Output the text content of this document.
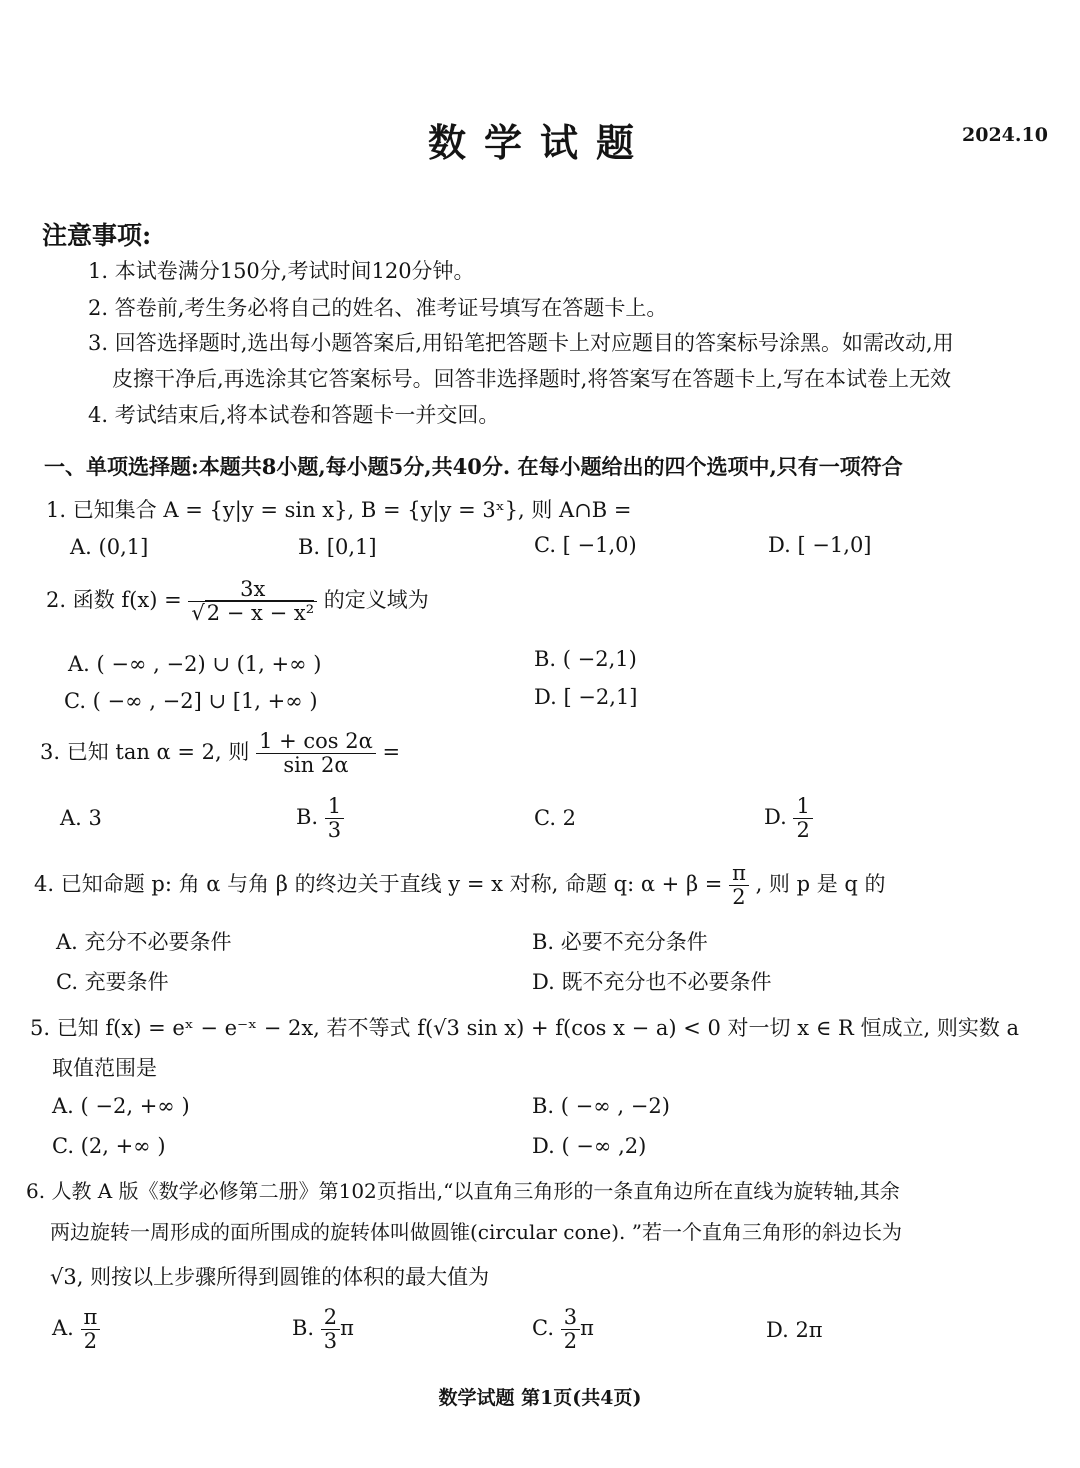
数学试题	2024.10
注意事项:
1. 本试卷满分150分,考试时间120分钟。
2. 答卷前,考生务必将自己的姓名、准考证号填写在答题卡上。
3. 回答选择题时,选出每小题答案后,用铅笔把答题卡上对应题目的答案标号涂黑。如需改动,用
皮擦干净后,再选涂其它答案标号。回答非选择题时,将答案写在答题卡上,写在本试卷上无效
4. 考试结束后,将本试卷和答题卡一并交回。
一、单项选择题:本题共8小题,每小题5分,共40分. 在每小题给出的四个选项中,只有一项符合
1. 已知集合 A = {y|y = sin x}, B = {y|y = 3ˣ}, 则 A∩B =
A. (0,1]	B. [0,1]	C. [ −1,0)	D. [ −1,0]
2. 函数 $f(x) = \frac{3x}{\text{√2 − x − x²}}$ 的定义域为
A. ( −∞ , −2) ∪ (1, +∞ )	B. ( −2,1)
C. ( −∞ , −2] ∪ [1, +∞ )	D. [ −2,1]
3. 已知 tan α = 2, 则 $\frac{1 + \cos 2\alpha}{\sin 2\alpha}$ =
A. 3	B. $\frac{1}{3}$	C. 2	D. $\frac{1}{2}$
4. 已知命题 p: 角 α 与角 β 的终边关于直线 y = x 对称, 命题 q: $\alpha + \beta = \frac{\pi}{2}$ , 则 p 是 q 的
A. 充分不必要条件	B. 必要不充分条件
C. 充要条件	D. 既不充分也不必要条件
5. 已知 f(x) = eˣ − e⁻ˣ − 2x, 若不等式 f(√3 sin x) + f(cos x − a) < 0 对一切 x ∈ R 恒成立, 则实数 a
取值范围是
A. ( −2, +∞ )	B. ( −∞ , −2)
C. (2, +∞ )	D. ( −∞ ,2)
6. 人教 A 版《数学必修第二册》第102页指出,“以直角三角形的一条直角边所在直线为旋转轴,其余
两边旋转一周形成的面所围成的旋转体叫做圆锥(circular cone). ”若一个直角三角形的斜边长为
√3, 则按以上步骤所得到圆锥的体积的最大值为
A. $\frac{\pi}{2}$	B. $\frac{2}{3}$ π	C. $\frac{3}{2}$ π	D. 2π
数学试题 第1页(共4页)
